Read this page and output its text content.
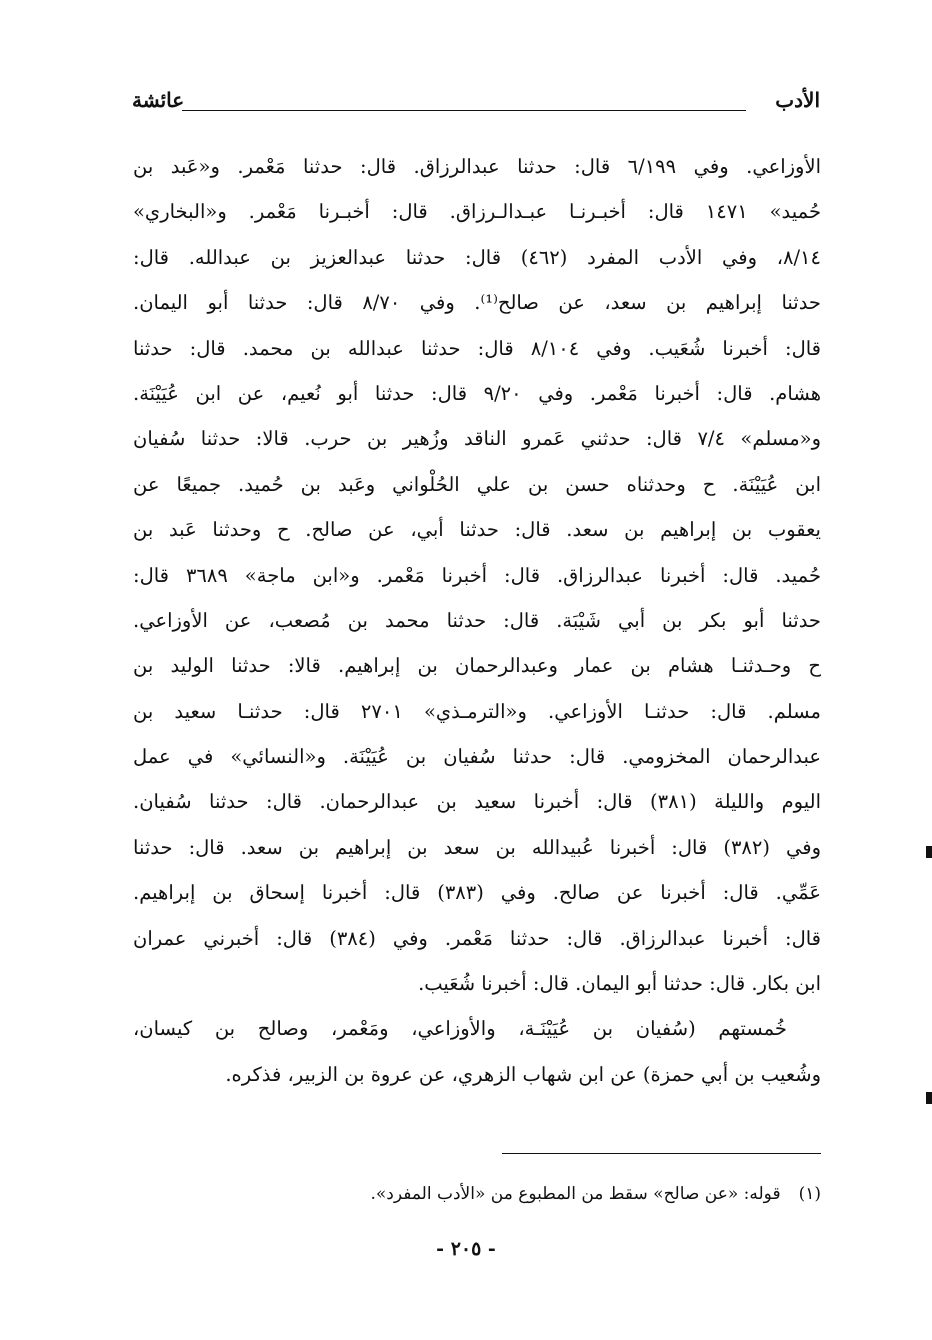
الأدب
عائشة
الأوزاعي. وفي ٦/١٩٩ قال: حدثنا عبدالرزاق. قال: حدثنا مَعْمر. و«عَبد بن
حُميد» ١٤٧١ قال: أخبـرنـا عبـدالـرزاق. قال: أخبـرنا مَعْمر. و«البخاري»
٨/١٤، وفي الأدب المفرد (٤٦٢) قال: حدثنا عبدالعزيز بن عبدالله. قال:
حدثنا إبراهيم بن سعد، عن صالح⁽¹⁾. وفي ٨/٧٠ قال: حدثنا أبو اليمان.
قال: أخبرنا شُعَيب. وفي ٨/١٠٤ قال: حدثنا عبدالله بن محمد. قال: حدثنا
هشام. قال: أخبرنا مَعْمر. وفي ٩/٢٠ قال: حدثنا أبو نُعيم، عن ابن عُيَيْنَة.
و«مسلم» ٧/٤ قال: حدثني عَمرو الناقد وزُهير بن حرب. قالا: حدثنا سُفيان
ابن عُيَيْنَة. ح وحدثناه حسن بن علي الحُلْواني وعَبد بن حُميد. جميعًا عن
يعقوب بن إبراهيم بن سعد. قال: حدثنا أبي، عن صالح. ح وحدثنا عَبد بن
حُميد. قال: أخبرنا عبدالرزاق. قال: أخبرنا مَعْمر. و«ابن ماجة» ٣٦٨٩ قال:
حدثنا أبو بكر بن أبي شَيْبَة. قال: حدثنا محمد بن مُصعب، عن الأوزاعي.
ح وحـدثنـا هشام بن عمار وعبدالرحمان بن إبراهيم. قالا: حدثنا الوليد بن
مسلم. قال: حدثنـا الأوزاعي. و«الترمـذي» ٢٧٠١ قال: حدثنـا سعيد بن
عبدالرحمان المخزومي. قال: حدثنا سُفيان بن عُيَيْنَة. و«النسائي» في عمل
اليوم والليلة (٣٨١) قال: أخبرنا سعيد بن عبدالرحمان. قال: حدثنا سُفيان.
وفي (٣٨٢) قال: أخبرنا عُبيدالله بن سعد بن إبراهيم بن سعد. قال: حدثنا
عَمِّي. قال: أخبرنا عن صالح. وفي (٣٨٣) قال: أخبرنا إسحاق بن إبراهيم.
قال: أخبرنا عبدالرزاق. قال: حدثنا مَعْمر. وفي (٣٨٤) قال: أخبرني عمران
ابن بكار. قال: حدثنا أبو اليمان. قال: أخبرنا شُعَيب.
خُمستهم (سُفيان بن عُيَيْنَـة، والأوزاعي، ومَعْمر، وصالح بن كيسان،
وشُعيب بن أبي حمزة) عن ابن شهاب الزهري، عن عروة بن الزبير، فذكره.
(١)قوله: «عن صالح» سقط من المطبوع من «الأدب المفرد».
- ٢٠٥ -
